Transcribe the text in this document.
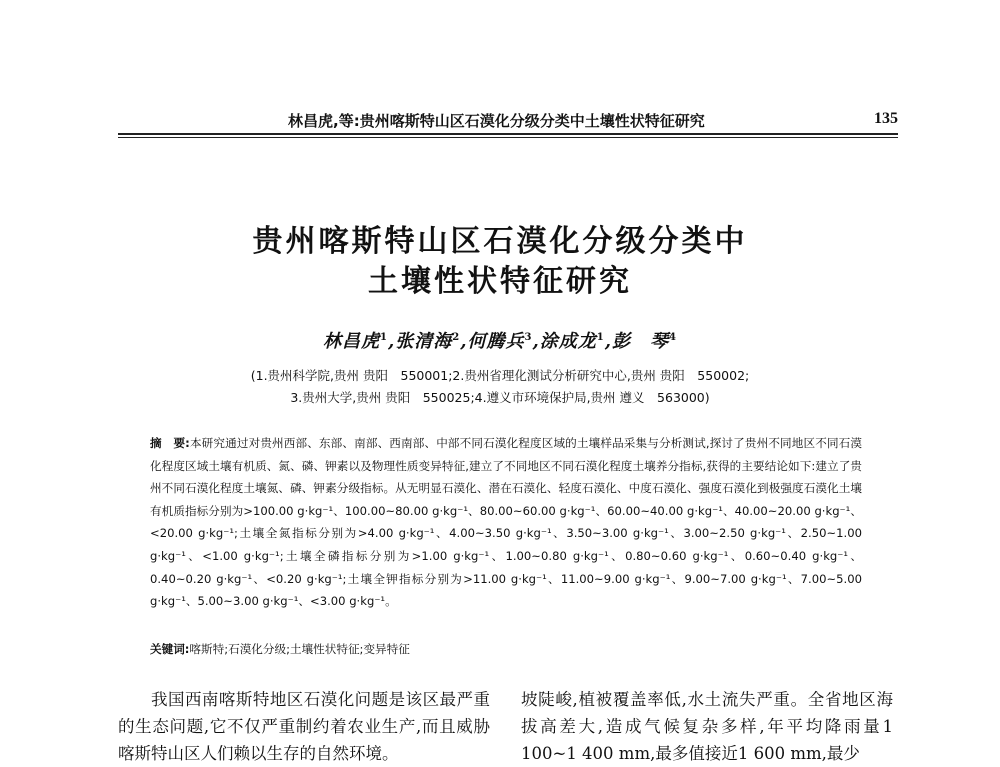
林昌虎,等:贵州喀斯特山区石漠化分级分类中土壤性状特征研究	135
贵州喀斯特山区石漠化分级分类中
土壤性状特征研究
林昌虎$^1$,张清海$^2$,何腾兵$^3$,涂成龙$^1$,彭　琴$^4$
(1.贵州科学院,贵州 贵阳　550001;2.贵州省理化测试分析研究中心,贵州 贵阳　550002;
3.贵州大学,贵州 贵阳　550025;4.遵义市环境保护局,贵州 遵义　563000)
摘　要:本研究通过对贵州西部、东部、南部、西南部、中部不同石漠化程度区域的土壤样品采集与分析测试,探讨了贵州不同地区不同石漠化程度区域土壤有机质、氮、磷、钾素以及物理性质变异特征,建立了不同地区不同石漠化程度土壤养分指标,获得的主要结论如下:建立了贵州不同石漠化程度土壤氮、磷、钾素分级指标。从无明显石漠化、潜在石漠化、轻度石漠化、中度石漠化、强度石漠化到极强度石漠化土壤有机质指标分别为>100.00 g·kg⁻¹、100.00~80.00 g·kg⁻¹、80.00~60.00 g·kg⁻¹、60.00~40.00 g·kg⁻¹、40.00~20.00 g·kg⁻¹、<20.00 g·kg⁻¹;土壤全氮指标分别为>4.00 g·kg⁻¹、4.00~3.50 g·kg⁻¹、3.50~3.00 g·kg⁻¹、3.00~2.50 g·kg⁻¹、2.50~1.00 g·kg⁻¹、<1.00 g·kg⁻¹;土壤全磷指标分别为>1.00 g·kg⁻¹、1.00~0.80 g·kg⁻¹、0.80~0.60 g·kg⁻¹、0.60~0.40 g·kg⁻¹、0.40~0.20 g·kg⁻¹、<0.20 g·kg⁻¹;土壤全钾指标分别为>11.00 g·kg⁻¹、11.00~9.00 g·kg⁻¹、9.00~7.00 g·kg⁻¹、7.00~5.00 g·kg⁻¹、5.00~3.00 g·kg⁻¹、<3.00 g·kg⁻¹。
关键词:喀斯特;石漠化分级;土壤性状特征;变异特征
我国西南喀斯特地区石漠化问题是该区最严重的生态问题,它不仅严重制约着农业生产,而且威胁喀斯特山区人们赖以生存的自然环境。
坡陡峻,植被覆盖率低,水土流失严重。全省地区海拔高差大,造成气候复杂多样,年平均降雨量1 100~1 400 mm,最多值接近1 600 mm,最少
